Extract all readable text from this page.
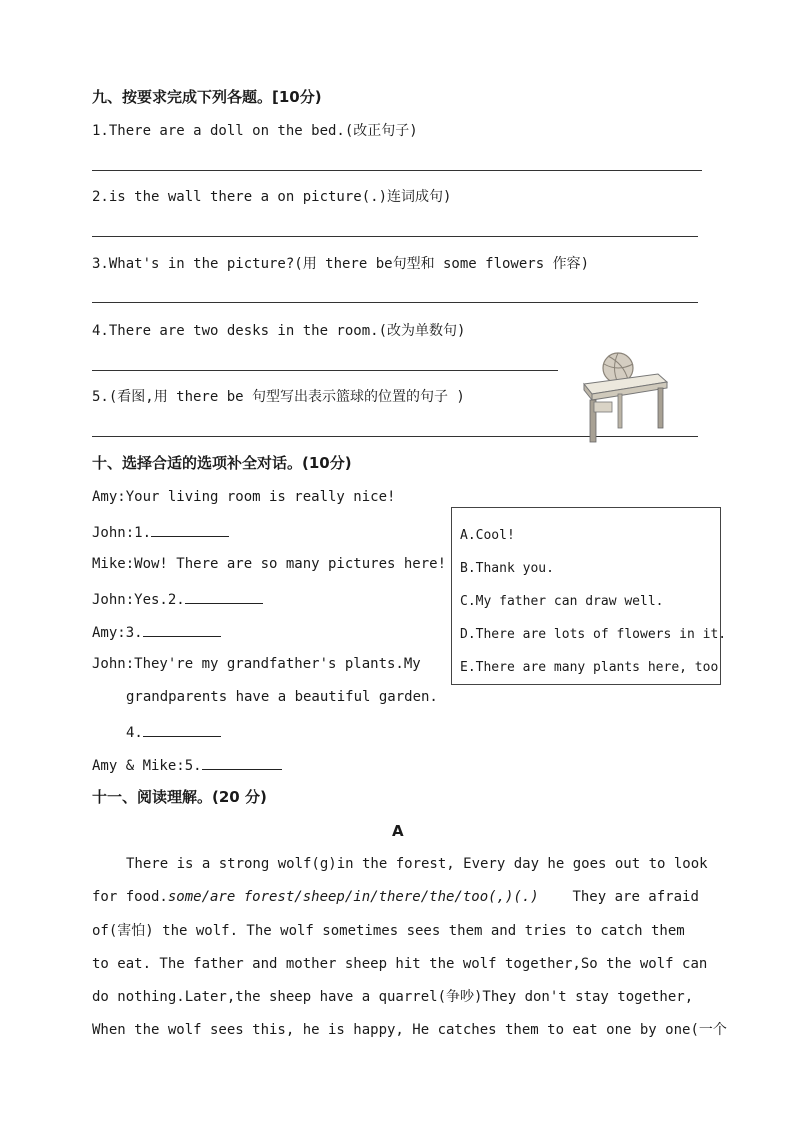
九、按要求完成下列各题。[10分)
1.There are a doll on the bed.(改正句子)
2.is the wall there a on picture(.)连词成句)
3.What's in the picture?(用 there be句型和 some flowers 作容)
4.There are two desks in the room.(改为单数句)
5.(看图,用 there be 句型写出表示篮球的位置的句子 )
十、选择合适的选项补全对话。(10分)
Amy:Your living room is really nice!
John:1.
Mike:Wow! There are so many pictures here!
John:Yes.2.
Amy:3.
John:They're my grandfather's plants.My
grandparents have a beautiful garden.
4.
Amy & Mike:5.
A.Cool!
B.Thank you.
C.My father can draw well.
D.There are lots of flowers in it.
E.There are many plants here, too
十一、阅读理解。(20 分)
A
There is a strong wolf(g)in the forest, Every day he goes out to look
for food.some/are forest/sheep/in/there/the/too(,)(.) They are afraid
of(害怕) the wolf. The wolf sometimes sees them and tries to catch them
to eat. The father and mother sheep hit the wolf together,So the wolf can
do nothing.Later,the sheep have a quarrel(争吵)They don't stay together,
When the wolf sees this, he is happy, He catches them to eat one by one(一个
